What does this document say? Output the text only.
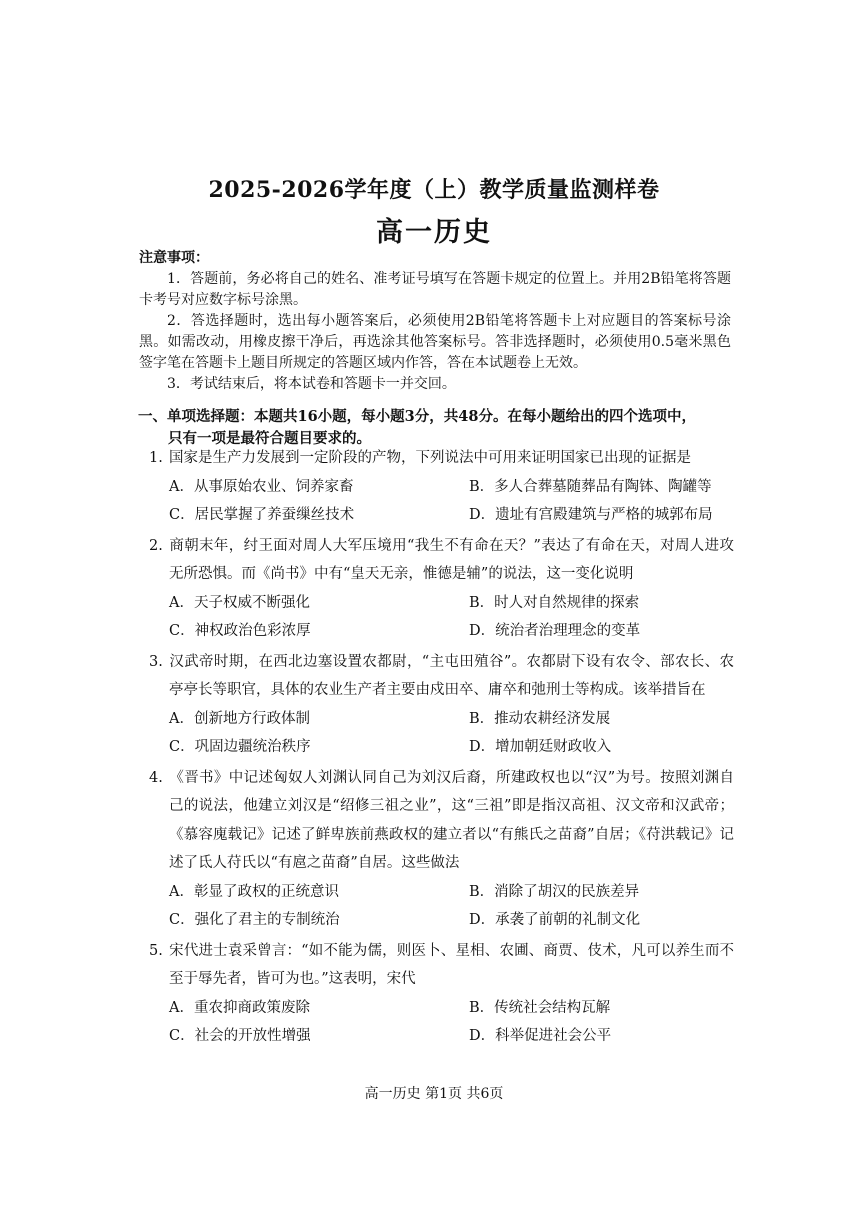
2025-2026学年度（上）教学质量监测样卷
高一历史
注意事项：

1．答题前，务必将自己的姓名、准考证号填写在答题卡规定的位置上。并用2B铅笔将答题卡考号对应数字标号涂黑。

2．答选择题时，选出每小题答案后，必须使用2B铅笔将答题卡上对应题目的答案标号涂黑。如需改动，用橡皮擦干净后，再选涂其他答案标号。答非选择题时，必须使用0.5毫米黑色签字笔在答题卡上题目所规定的答题区域内作答，答在本试题卷上无效。

3．考试结束后，将本试卷和答题卡一并交回。

一、单项选择题：本题共16小题，每小题3分，共48分。在每小题给出的四个选项中，
只有一项是最符合题目要求的。
1. 国家是生产力发展到一定阶段的产物，下列说法中可用来证明国家已出现的证据是
A．从事原始农业、饲养家畜	B．多人合葬墓随葬品有陶钵、陶罐等
C．居民掌握了养蚕缫丝技术	D．遗址有宫殿建筑与严格的城郭布局
2. 商朝末年，纣王面对周人大军压境用“我生不有命在天？”表达了有命在天，对周人进攻无所恐惧。而《尚书》中有“皇天无亲，惟德是辅”的说法，这一变化说明
A．天子权威不断强化	B．时人对自然规律的探索
C．神权政治色彩浓厚	D．统治者治理理念的变革
3. 汉武帝时期，在西北边塞设置农都尉，“主屯田殖谷”。农都尉下设有农令、部农长、农亭亭长等职官，具体的农业生产者主要由戍田卒、庸卒和弛刑士等构成。该举措旨在
A．创新地方行政体制	B．推动农耕经济发展
C．巩固边疆统治秩序	D．增加朝廷财政收入
4. 《晋书》中记述匈奴人刘渊认同自己为刘汉后裔，所建政权也以“汉”为号。按照刘渊自己的说法，他建立刘汉是“绍修三祖之业”，这“三祖”即是指汉高祖、汉文帝和汉武帝；《慕容廆载记》记述了鲜卑族前燕政权的建立者以“有熊氏之苗裔”自居；《苻洪载记》记述了氐人苻氏以“有扈之苗裔”自居。这些做法
A．彰显了政权的正统意识	B．消除了胡汉的民族差异
C．强化了君主的专制统治	D．承袭了前朝的礼制文化
5. 宋代进士袁采曾言：“如不能为儒，则医卜、星相、农圃、商贾、伎术，凡可以养生而不至于辱先者，皆可为也。”这表明，宋代
A．重农抑商政策废除	B．传统社会结构瓦解
C．社会的开放性增强	D．科举促进社会公平
高一历史 第1页 共6页
